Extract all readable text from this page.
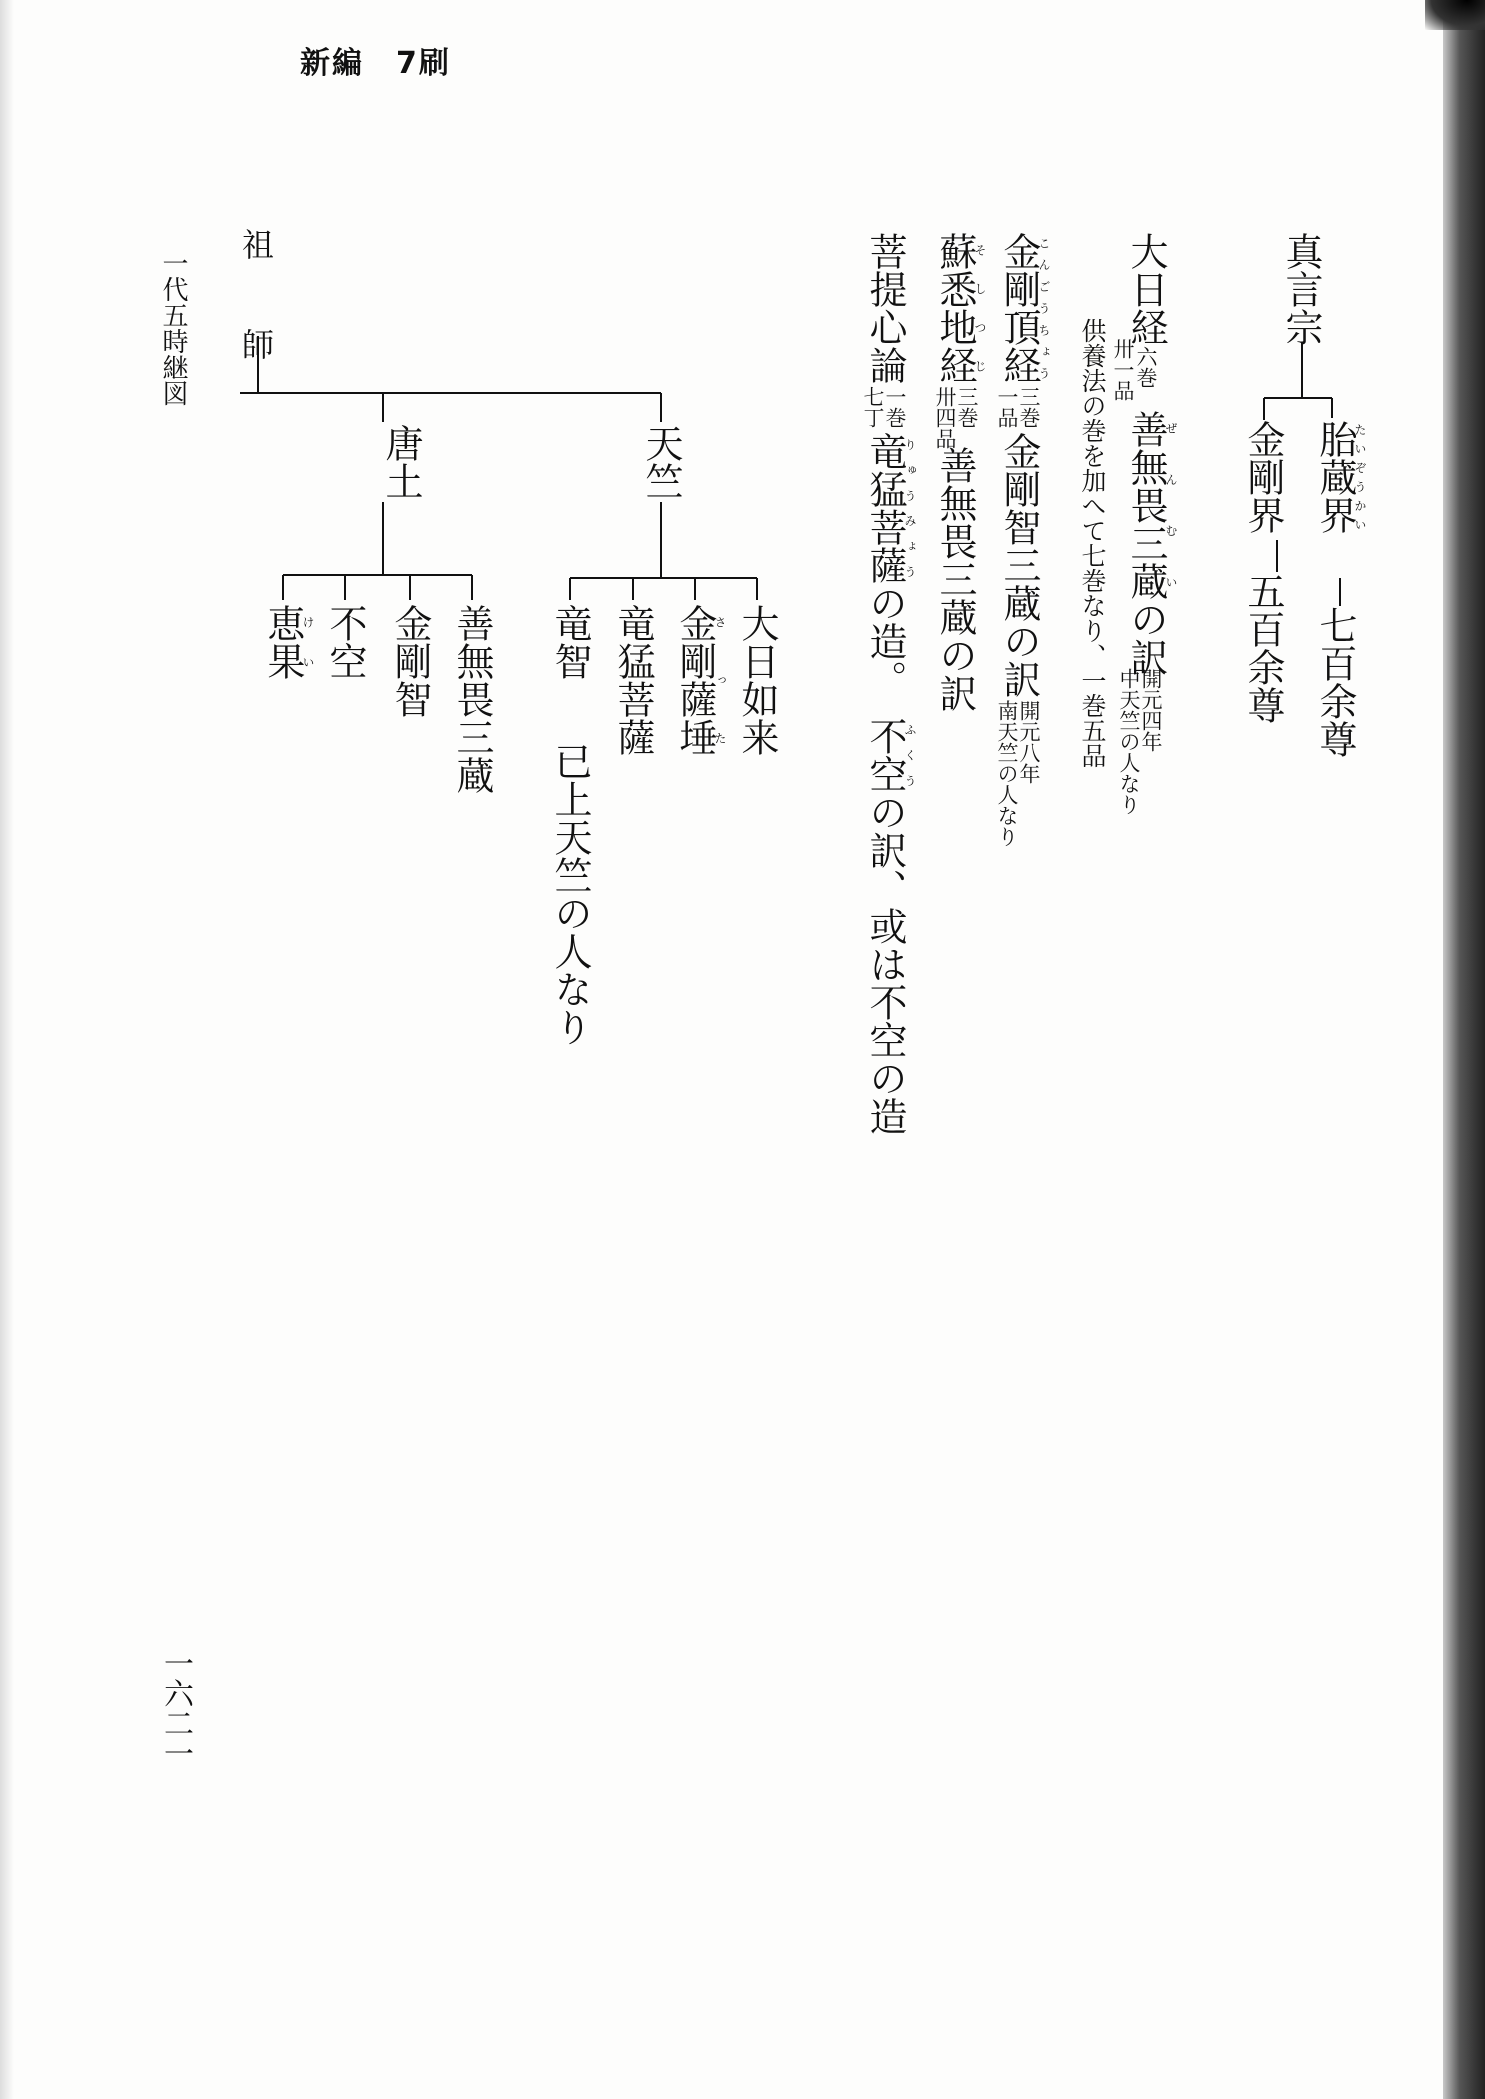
新編　7刷
真言宗
胎蔵界たいぞうかい
七百余尊
金剛界
五百余尊
大日経六巻
卅一品
善無畏三蔵ぜんむいの訳
開元四年
中天竺の人なり
供養法の巻を加へて七巻なり、一巻五品
金剛頂経こんごうちょう
三巻
一品
金剛智三蔵の訳
開元八年
南天竺の人なり
蘇悉地経そしつじ
三巻
卅四品
善無畏三蔵の訳
菩提心論
一巻
七丁
竜猛菩薩りゅうみょうの造。　不空ふくうの訳、或は不空の造
祖　師
天竺
唐土
大日如来
金剛薩埵さった
竜猛菩薩
竜智
已上天竺の人なり
善無畏三蔵
金剛智
不空
恵果けい
一代五時継図
一六二一
